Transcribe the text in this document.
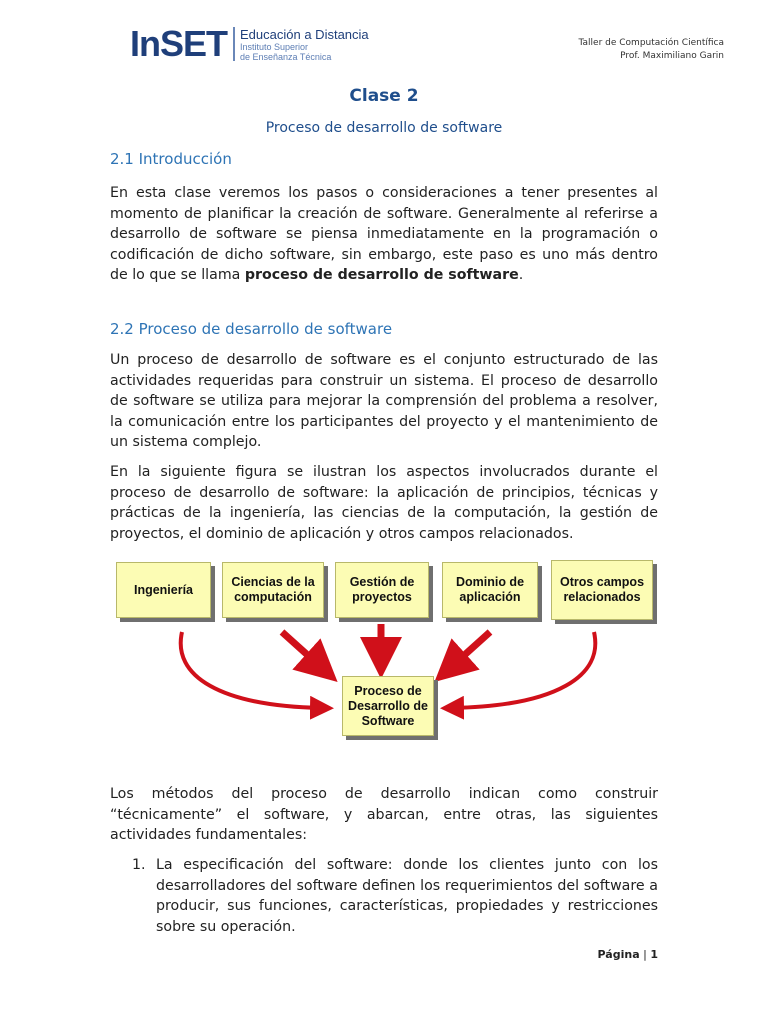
InSET Educación a Distancia
Instituto Superior
de Enseñanza Técnica
Taller de Computación Científica
Prof. Maximiliano Garin
Clase 2
Proceso de desarrollo de software
2.1 Introducción
En esta clase veremos los pasos o consideraciones a tener presentes al momento de planificar la creación de software. Generalmente al referirse a desarrollo de software se piensa inmediatamente en la programación o codificación de dicho software, sin embargo, este paso es uno más dentro de lo que se llama proceso de desarrollo de software.
2.2 Proceso de desarrollo de software
Un proceso de desarrollo de software es el conjunto estructurado de las actividades requeridas para construir un sistema. El proceso de desarrollo de software se utiliza para mejorar la comprensión del problema a resolver, la comunicación entre los participantes del proyecto y el mantenimiento de un sistema complejo.
En la siguiente figura se ilustran los aspectos involucrados durante el proceso de desarrollo de software: la aplicación de principios, técnicas y prácticas de la ingeniería, las ciencias de la computación, la gestión de proyectos, el dominio de aplicación y otros campos relacionados.
Ingeniería
Ciencias de la computación
Gestión de proyectos
Dominio de aplicación
Otros campos relacionados
Proceso de Desarrollo de Software
Los métodos del proceso de desarrollo indican como construir “técnicamente” el software, y abarcan, entre otras, las siguientes actividades fundamentales:
1. La especificación del software: donde los clientes junto con los desarrolladores del software definen los requerimientos del software a producir, sus funciones, características, propiedades y restricciones sobre su operación.
Página | 1
